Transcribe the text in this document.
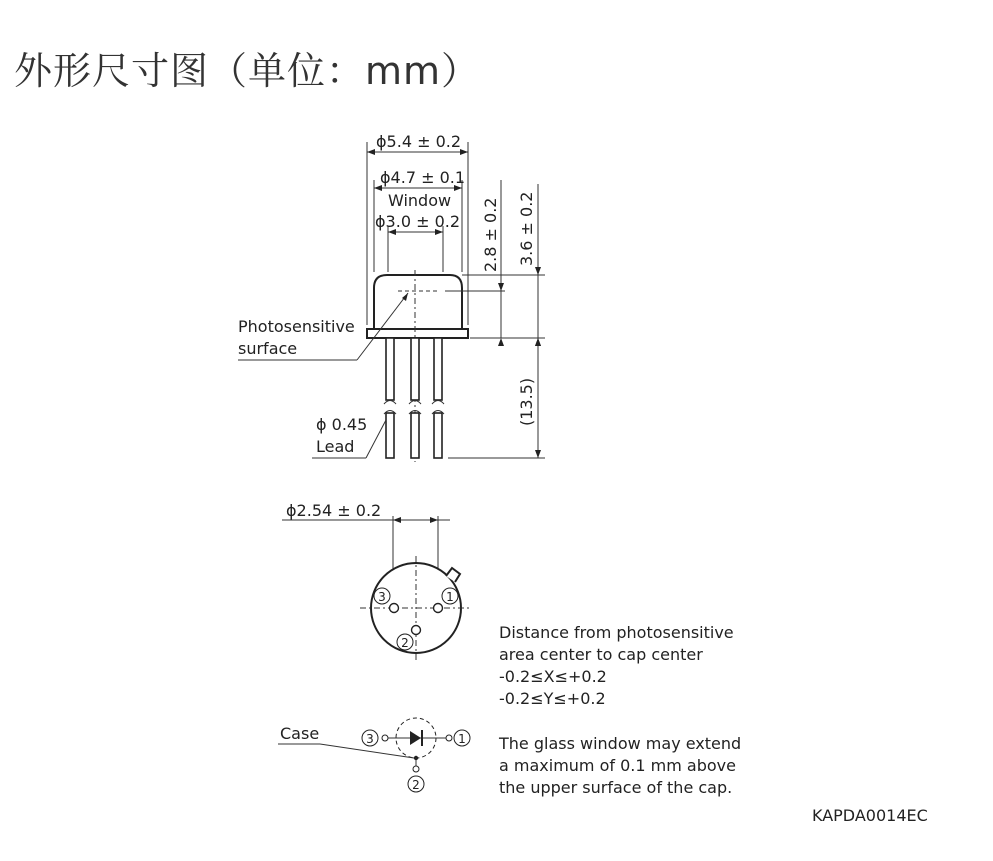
外形尺寸图（单位：mm）
ϕ5.4 ± 0.2
ϕ4.7 ± 0.1
Window
ϕ3.0 ± 0.2 2.8 ± 0.2 3.6 ± 0.2
(13.5)
Photosensitive
surface
ϕ 0.45
Lead
ϕ2.54 ± 0.2
3	1
2
3	1
2
Case
Distance from photosensitive
area center to cap center
-0.2≤X≤+0.2
-0.2≤Y≤+0.2
The glass window may extend
a maximum of 0.1 mm above
the upper surface of the cap.
KAPDA0014EC
